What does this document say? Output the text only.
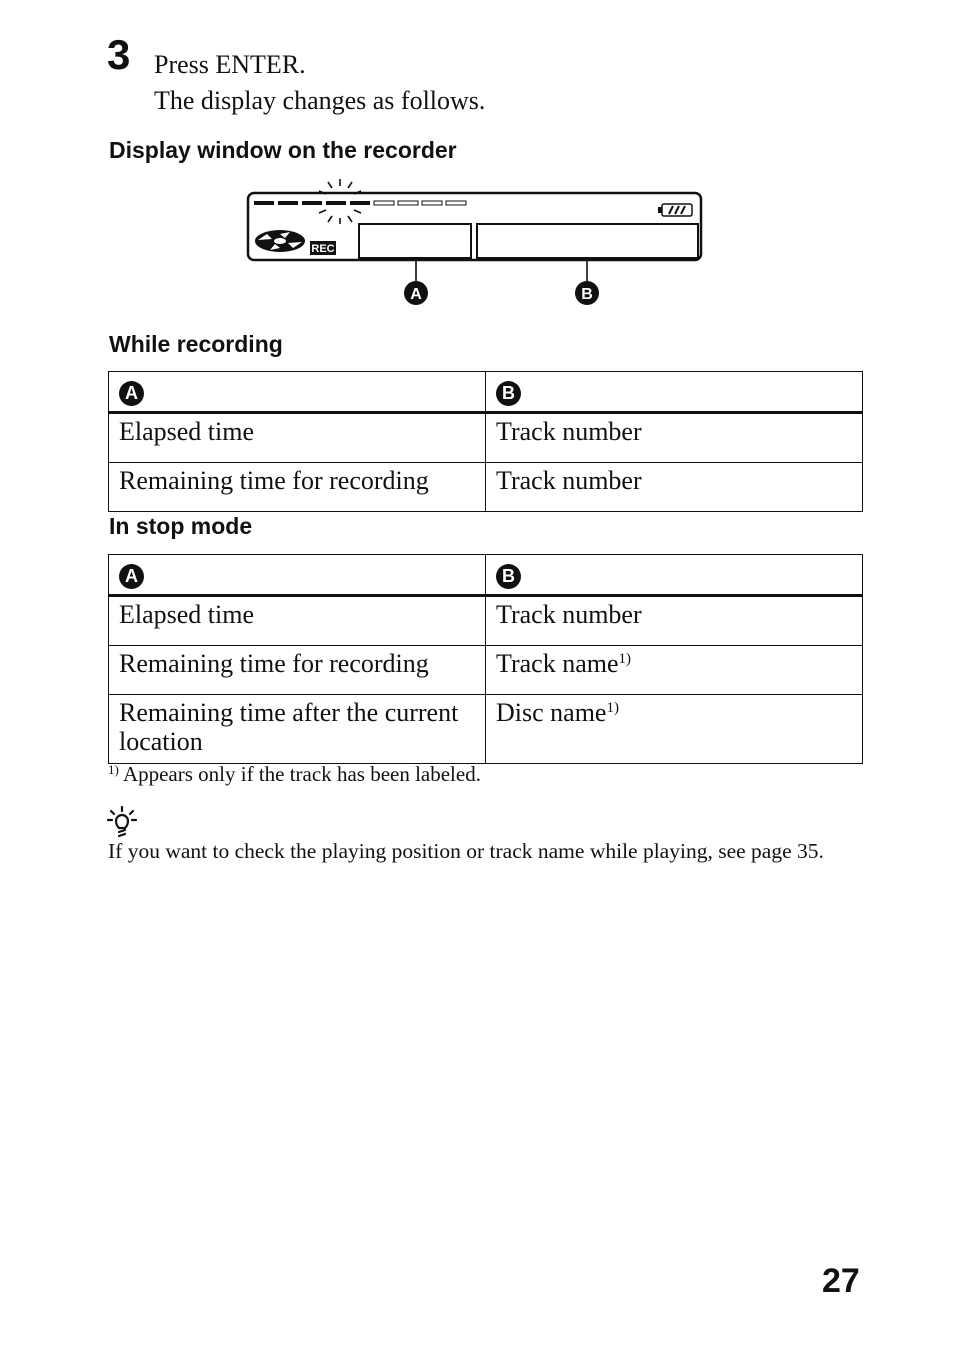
3 Press ENTER.
The display changes as follows.
Display window on the recorder
REC
A	B
While recording
A	B
Elapsed time	Track number
Remaining time for recording	Track number
In stop mode
A	B
Elapsed time	Track number
Remaining time for recording	Track name$^{1)}$
Remaining time after the current location	Disc name$^{1)}$
$^{1)}$ Appears only if the track has been labeled.
If you want to check the playing position or track name while playing, see page 35.
27
